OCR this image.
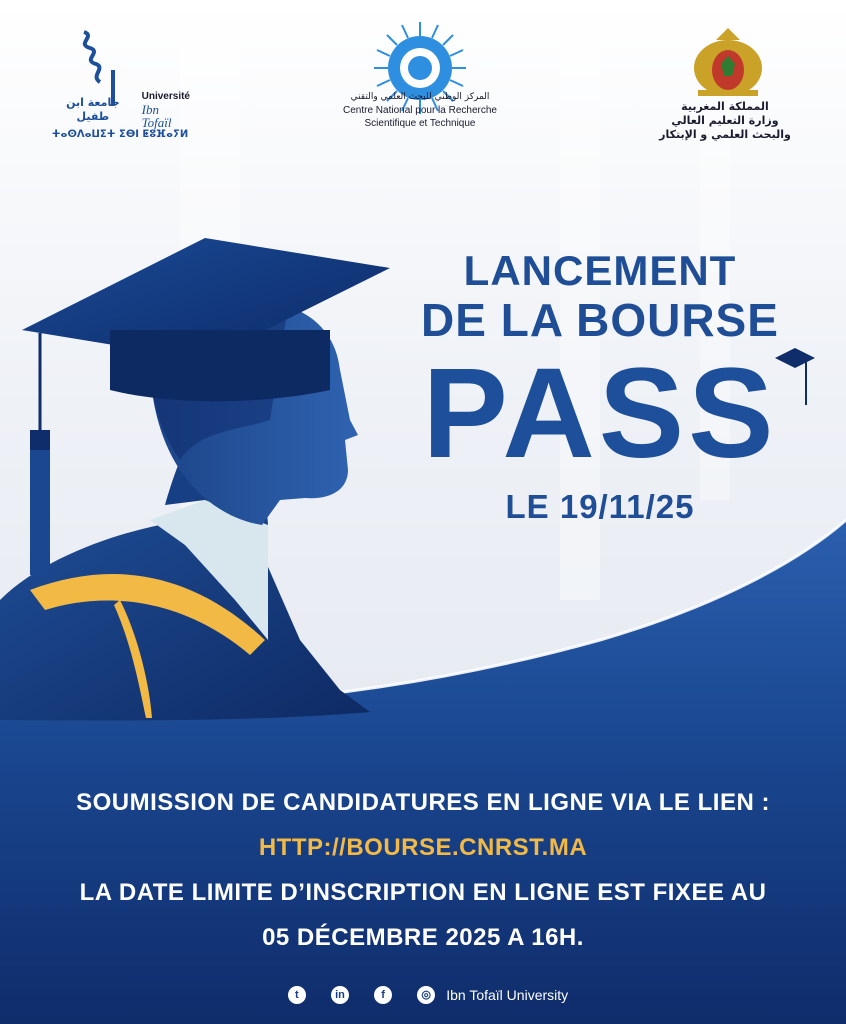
جامعة ابن طفيل
Université
Ibn Tofaïl
ⵜⴰⵙⴷⴰⵡⵉⵜ ⵉⴱⵏ ⵟⵓⴼⴰⵢⵍ
المركز الوطني للبحث العلمي والتقني
Centre National pour la Recherche
Scientifique et Technique
المملكة المغربية
وزارة التعليم العالي
والبحث العلمي و الإبتكار
LANCEMENT
DE LA BOURSE
PASS
LE 19/11/25
SOUMISSION DE CANDIDATURES EN LIGNE VIA LE LIEN :
HTTP://BOURSE.CNRST.MA
LA DATE LIMITE D’INSCRIPTION EN LIGNE EST FIXEE AU
05 DÉCEMBRE 2025 A 16H.
t	in	f	◎ Ibn Tofaïl University
